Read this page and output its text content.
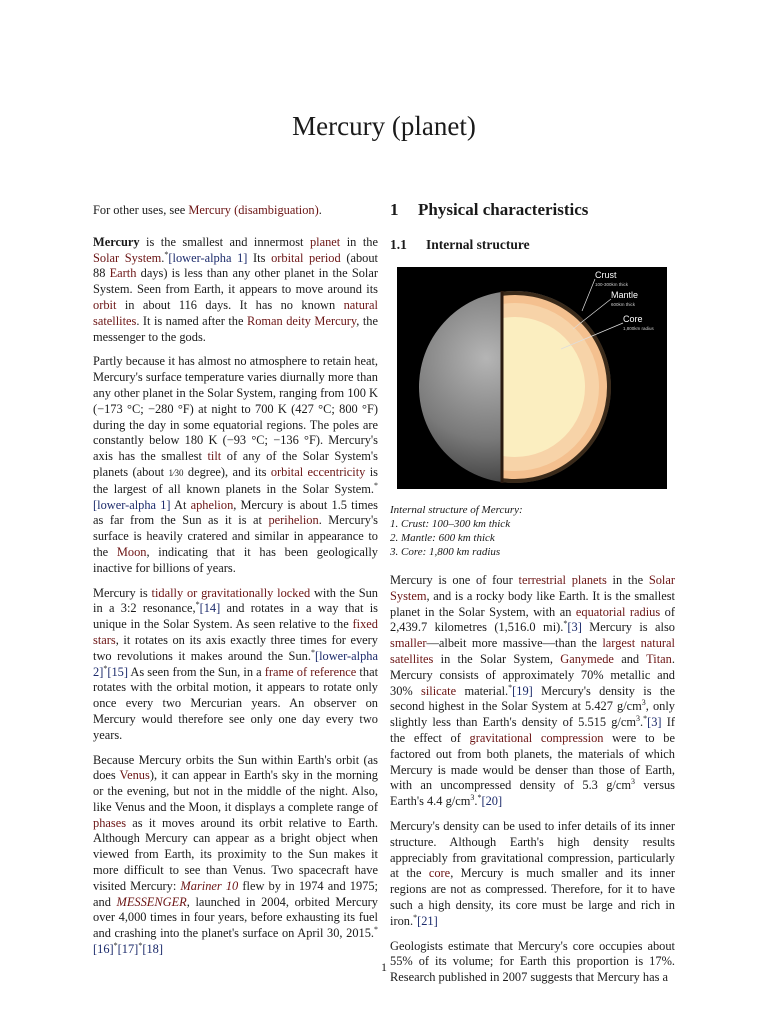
Mercury (planet)

For other uses, see Mercury (disambiguation).

Mercury is the smallest and innermost planet in the Solar System.*[lower-alpha 1] Its orbital period (about 88 Earth days) is less than any other planet in the Solar System. Seen from Earth, it appears to move around its orbit in about 116 days. It has no known natural satellites. It is named after the Roman deity Mercury, the messenger to the gods.

Partly because it has almost no atmosphere to retain heat, Mercury's surface temperature varies diurnally more than any other planet in the Solar System, ranging from 100 K (−173 °C; −280 °F) at night to 700 K (427 °C; 800 °F) during the day in some equatorial regions. The poles are constantly below 180 K (−93 °C; −136 °F). Mercury's axis has the smallest tilt of any of the Solar System's planets (about 1⁄30 degree), and its orbital eccentricity is the largest of all known planets in the Solar System.*[lower-alpha 1] At aphelion, Mercury is about 1.5 times as far from the Sun as it is at perihelion. Mercury's surface is heavily cratered and similar in appearance to the Moon, indicating that it has been geologically inactive for billions of years.

Mercury is tidally or gravitationally locked with the Sun in a 3:2 resonance,*[14] and rotates in a way that is unique in the Solar System. As seen relative to the fixed stars, it rotates on its axis exactly three times for every two revolutions it makes around the Sun.*[lower-alpha 2]*[15] As seen from the Sun, in a frame of reference that rotates with the orbital motion, it appears to rotate only once every two Mercurian years. An observer on Mercury would therefore see only one day every two years.

Because Mercury orbits the Sun within Earth's orbit (as does Venus), it can appear in Earth's sky in the morning or the evening, but not in the middle of the night. Also, like Venus and the Moon, it displays a complete range of phases as it moves around its orbit relative to Earth. Although Mercury can appear as a bright object when viewed from Earth, its proximity to the Sun makes it more difficult to see than Venus. Two spacecraft have visited Mercury: Mariner 10 flew by in 1974 and 1975; and MESSENGER, launched in 2004, orbited Mercury over 4,000 times in four years, before exhausting its fuel and crashing into the planet's surface on April 30, 2015.*[16]*[17]*[18]

1 Physical characteristics
1.1 Internal structure
Crust
100-300km thick
Mantle
600km thick
Core
1,800km radius
Internal structure of Mercury:
1. Crust: 100–300 km thick
2. Mantle: 600 km thick
3. Core: 1,800 km radius

Mercury is one of four terrestrial planets in the Solar System, and is a rocky body like Earth. It is the smallest planet in the Solar System, with an equatorial radius of 2,439.7 kilometres (1,516.0 mi).*[3] Mercury is also smaller—albeit more massive—than the largest natural satellites in the Solar System, Ganymede and Titan. Mercury consists of approximately 70% metallic and 30% silicate material.*[19] Mercury's density is the second highest in the Solar System at 5.427 $g/cm^3$, only slightly less than Earth's density of 5.515 $g/cm^3.^*[3]$ If the effect of gravitational compression were to be factored out from both planets, the materials of which Mercury is made would be denser than those of Earth, with an uncompressed density of 5.3 $g/cm^3$ versus Earth's 4.4 $g/cm^3.^*[20]$

Mercury's density can be used to infer details of its inner structure. Although Earth's high density results appreciably from gravitational compression, particularly at the core, Mercury is much smaller and its inner regions are not as compressed. Therefore, for it to have such a high density, its core must be large and rich in iron.*[21]

Geologists estimate that Mercury's core occupies about 55% of its volume; for Earth this proportion is 17%. Research published in 2007 suggests that Mercury has a

1
